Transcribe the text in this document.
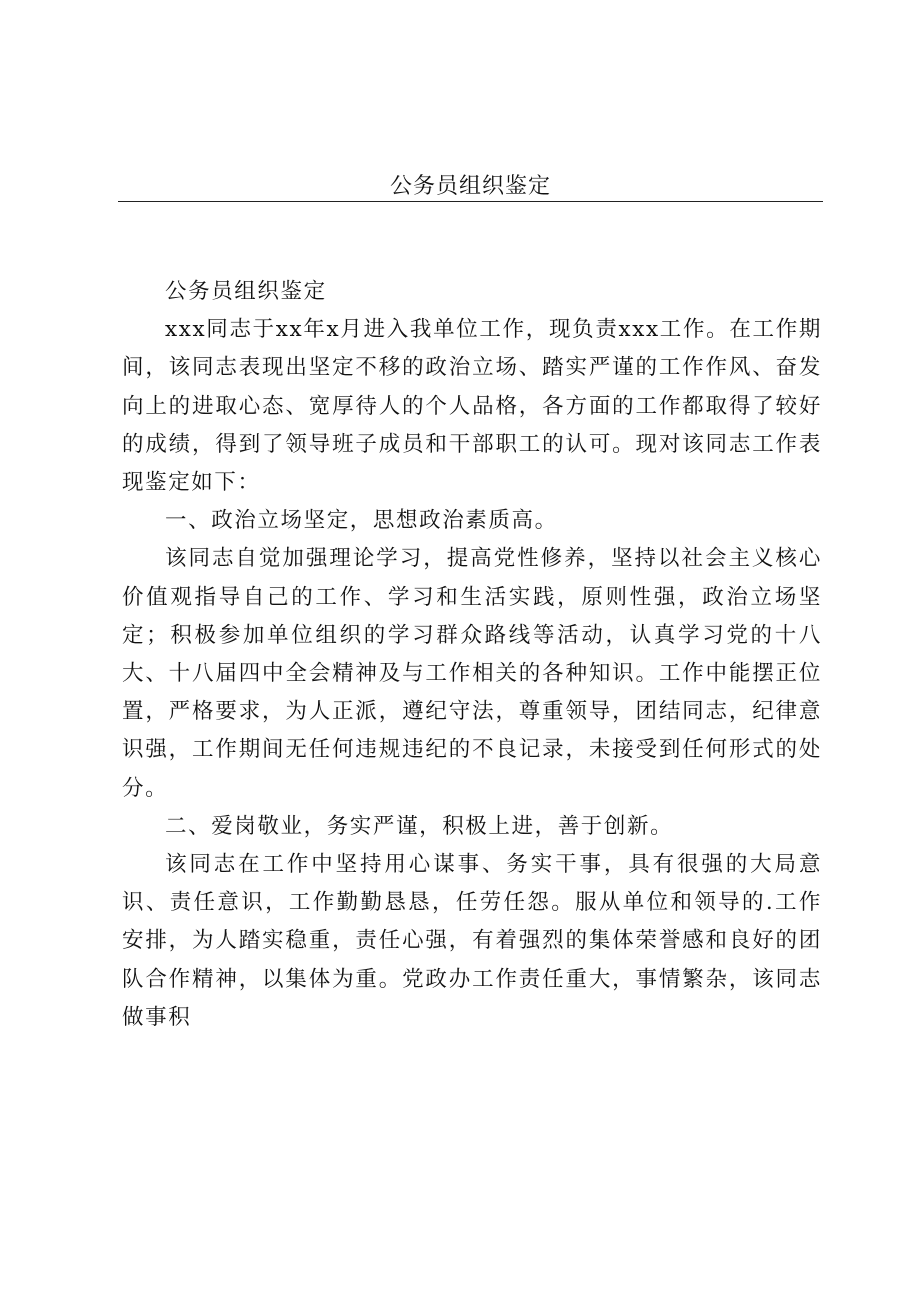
公务员组织鉴定

公务员组织鉴定

xxx同志于xx年x月进入我单位工作，现负责xxx工作。在工作期间，该同志表现出坚定不移的政治立场、踏实严谨的工作作风、奋发向上的进取心态、宽厚待人的个人品格，各方面的工作都取得了较好的成绩，得到了领导班子成员和干部职工的认可。现对该同志工作表现鉴定如下：

一、政治立场坚定，思想政治素质高。

该同志自觉加强理论学习，提高党性修养，坚持以社会主义核心价值观指导自己的工作、学习和生活实践，原则性强，政治立场坚定；积极参加单位组织的学习群众路线等活动，认真学习党的十八大、十八届四中全会精神及与工作相关的各种知识。工作中能摆正位置，严格要求，为人正派，遵纪守法，尊重领导，团结同志，纪律意识强，工作期间无任何违规违纪的不良记录，未接受到任何形式的处分。

二、爱岗敬业，务实严谨，积极上进，善于创新。

该同志在工作中坚持用心谋事、务实干事，具有很强的大局意识、责任意识，工作勤勤恳恳，任劳任怨。服从单位和领导的.工作安排，为人踏实稳重，责任心强，有着强烈的集体荣誉感和良好的团队合作精神，以集体为重。党政办工作责任重大，事情繁杂，该同志做事积
